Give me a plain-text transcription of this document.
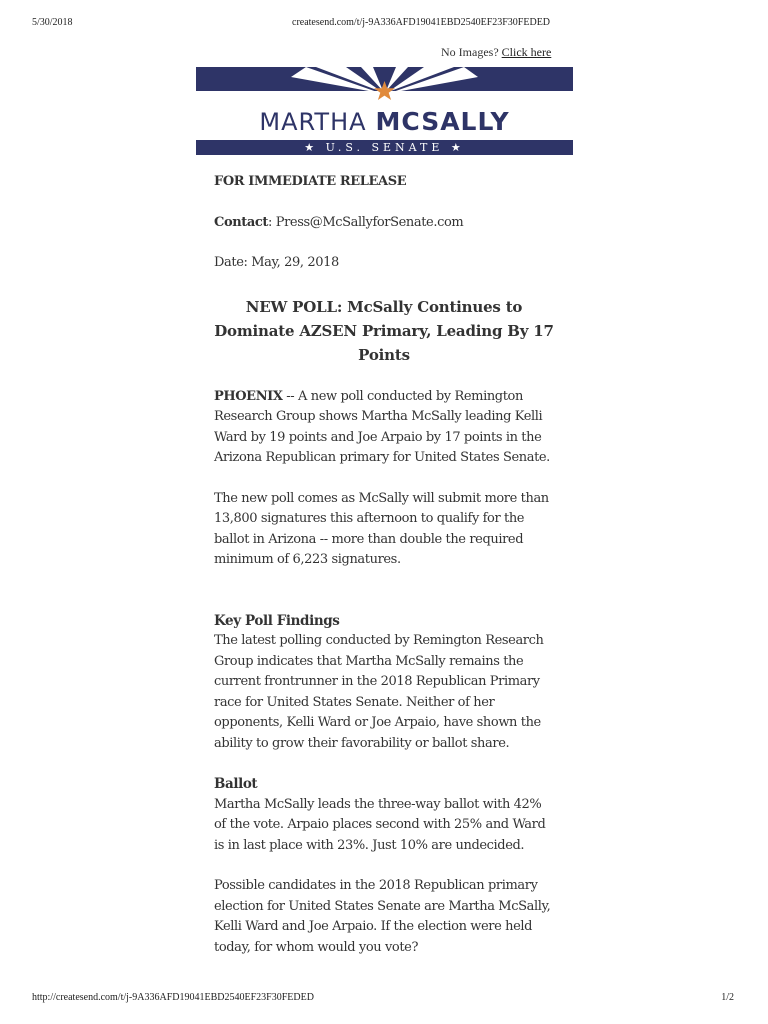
5/30/2018	createsend.com/t/j-9A336AFD19041EBD2540EF23F30FEDED
No Images? Click here
MARTHA MCSALLY
★ U.S. SENATE ★

FOR IMMEDIATE RELEASE

Contact: Press@McSallyforSenate.com

Date: May, 29, 2018

NEW POLL: McSally Continues to Dominate AZSEN Primary, Leading By 17 Points

PHOENIX -- A new poll conducted by Remington Research Group shows Martha McSally leading Kelli Ward by 19 points and Joe Arpaio by 17 points in the Arizona Republican primary for United States Senate.

The new poll comes as McSally will submit more than 13,800 signatures this afternoon to qualify for the ballot in Arizona -- more than double the required minimum of 6,223 signatures.

Key Poll Findings

The latest polling conducted by Remington Research Group indicates that Martha McSally remains the current frontrunner in the 2018 Republican Primary race for United States Senate. Neither of her opponents, Kelli Ward or Joe Arpaio, have shown the ability to grow their favorability or ballot share.

Ballot

Martha McSally leads the three-way ballot with 42% of the vote. Arpaio places second with 25% and Ward is in last place with 23%. Just 10% are undecided.

Possible candidates in the 2018 Republican primary election for United States Senate are Martha McSally, Kelli Ward and Joe Arpaio. If the election were held today, for whom would you vote?

http://createsend.com/t/j-9A336AFD19041EBD2540EF23F30FEDED	1/2
